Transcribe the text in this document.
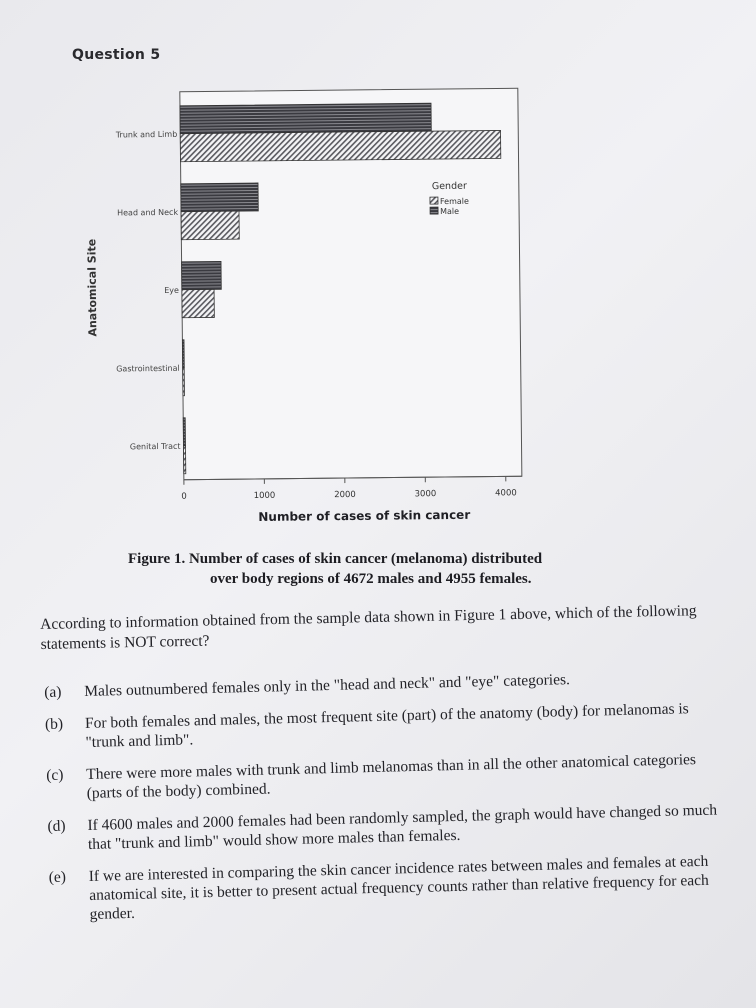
Question 5
Trunk and Limb
Head and Neck
Eye
Gastrointestinal
Genital Tract
0	1000	2000	3000	4000
Gender
Female
Male
Anatomical Site
Number of cases of skin cancer
Figure 1. Number of cases of skin cancer (melanoma) distributed
over body regions of 4672 males and 4955 females.
According to information obtained from the sample data shown in Figure 1 above, which of the following statements is NOT correct?
(a)	Males outnumbered females only in the "head and neck" and "eye" categories.
(b)	For both females and males, the most frequent site (part) of the anatomy (body) for melanomas is "trunk and limb".
(c)	There were more males with trunk and limb melanomas than in all the other anatomical categories (parts of the body) combined.
(d)	If 4600 males and 2000 females had been randomly sampled, the graph would have changed so much that "trunk and limb" would show more males than females.
(e)	If we are interested in comparing the skin cancer incidence rates between males and females at each anatomical site, it is better to present actual frequency counts rather than relative frequency for each gender.
